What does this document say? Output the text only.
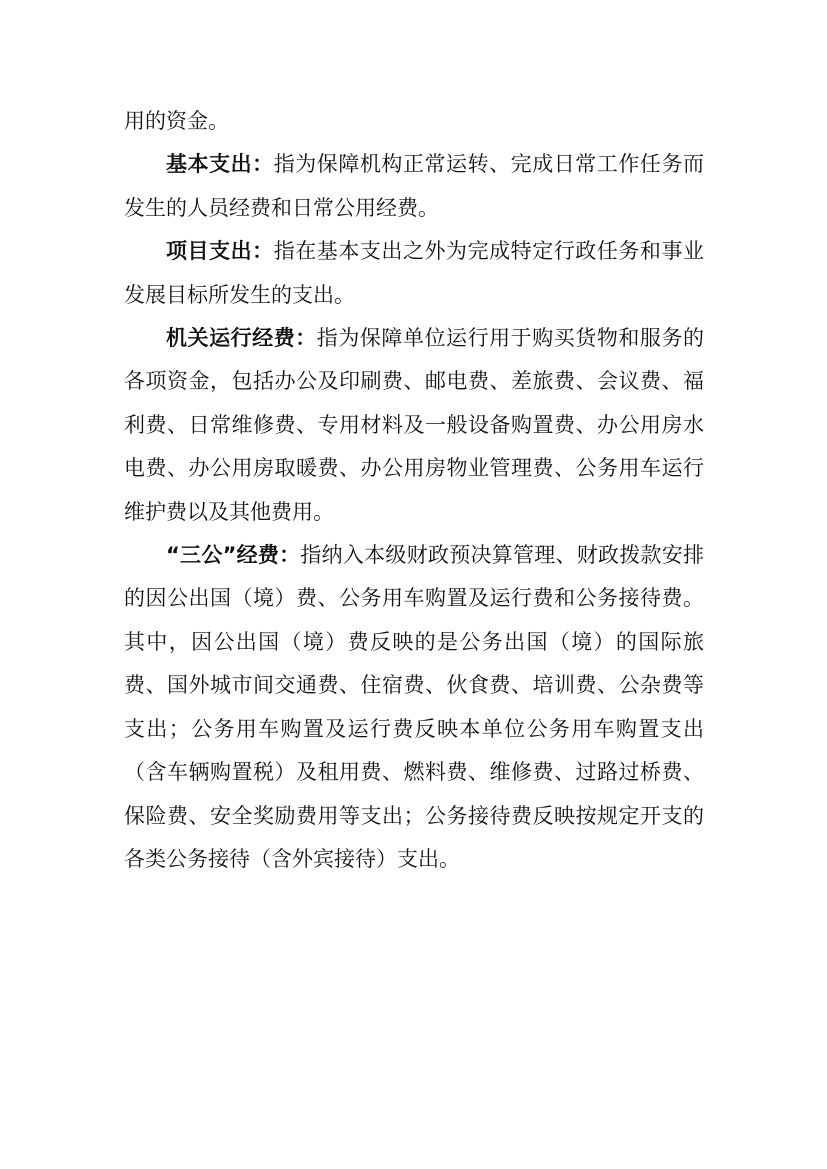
用的资金。

基本支出：指为保障机构正常运转、完成日常工作任务而发生的人员经费和日常公用经费。

项目支出：指在基本支出之外为完成特定行政任务和事业发展目标所发生的支出。

机关运行经费：指为保障单位运行用于购买货物和服务的各项资金，包括办公及印刷费、邮电费、差旅费、会议费、福利费、日常维修费、专用材料及一般设备购置费、办公用房水电费、办公用房取暖费、办公用房物业管理费、公务用车运行维护费以及其他费用。

“三公”经费：指纳入本级财政预决算管理、财政拨款安排的因公出国（境）费、公务用车购置及运行费和公务接待费。其中，因公出国（境）费反映的是公务出国（境）的国际旅费、国外城市间交通费、住宿费、伙食费、培训费、公杂费等支出；公务用车购置及运行费反映本单位公务用车购置支出（含车辆购置税）及租用费、燃料费、维修费、过路过桥费、保险费、安全奖励费用等支出；公务接待费反映按规定开支的各类公务接待（含外宾接待）支出。
